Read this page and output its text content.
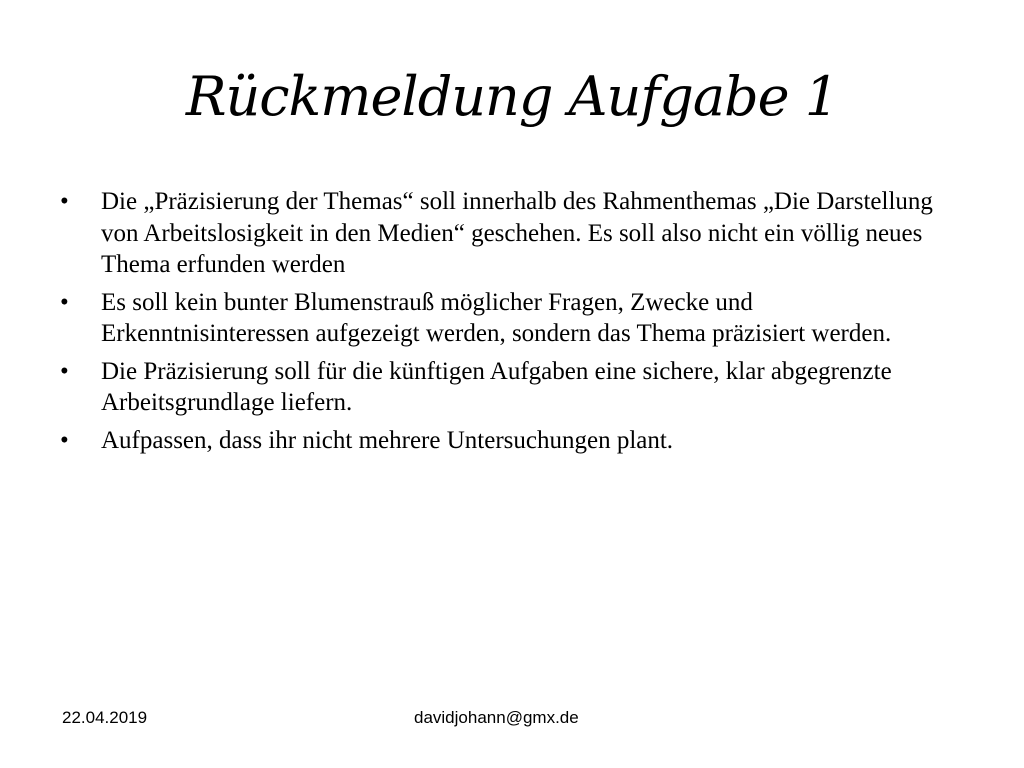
Rückmeldung Aufgabe 1
•	Die „Präzisierung der Themas“ soll innerhalb des Rahmenthemas „Die Darstellung von Arbeitslosigkeit in den Medien“ geschehen. Es soll also nicht ein völlig neues Thema erfunden werden
•	Es soll kein bunter Blumenstrauß möglicher Fragen, Zwecke und Erkenntnisinteressen aufgezeigt werden, sondern das Thema präzisiert werden.
•	Die Präzisierung soll für die künftigen Aufgaben eine sichere, klar abgegrenzte Arbeitsgrundlage liefern.
•	Aufpassen, dass ihr nicht mehrere Untersuchungen plant.
22.04.2019	davidjohann@gmx.de
